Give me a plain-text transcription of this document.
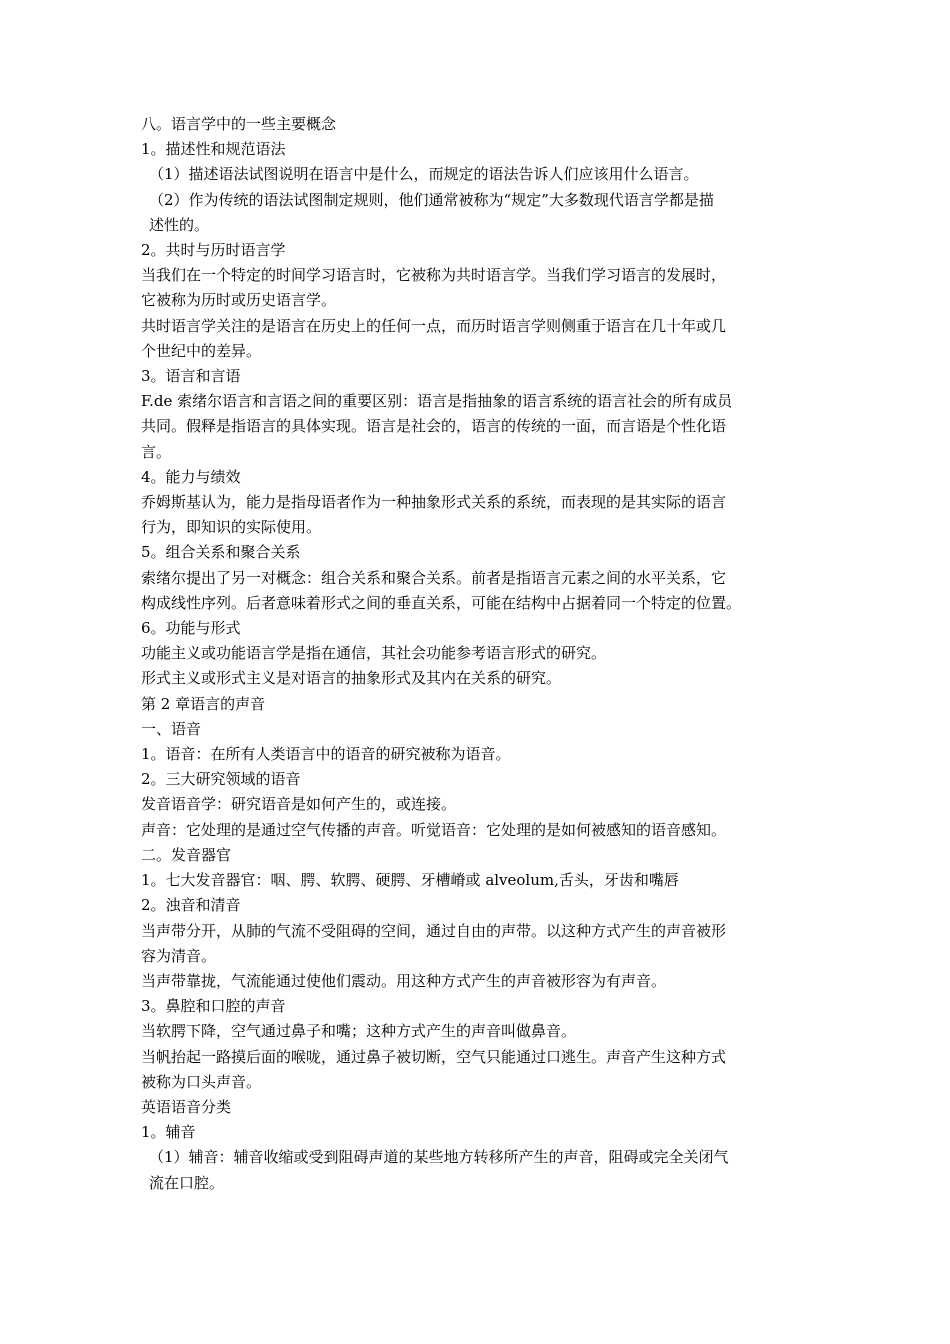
八。语言学中的一些主要概念
1。描述性和规范语法
（1）描述语法试图说明在语言中是什么，而规定的语法告诉人们应该用什么语言。
（2）作为传统的语法试图制定规则，他们通常被称为“规定”大多数现代语言学都是描
述性的。
2。共时与历时语言学
当我们在一个特定的时间学习语言时，它被称为共时语言学。当我们学习语言的发展时，
它被称为历时或历史语言学。
共时语言学关注的是语言在历史上的任何一点，而历时语言学则侧重于语言在几十年或几
个世纪中的差异。
3。语言和言语
F.de 索绪尔语言和言语之间的重要区别：语言是指抽象的语言系统的语言社会的所有成员
共同。假释是指语言的具体实现。语言是社会的，语言的传统的一面，而言语是个性化语
言。
4。能力与绩效
乔姆斯基认为，能力是指母语者作为一种抽象形式关系的系统，而表现的是其实际的语言
行为，即知识的实际使用。
5。组合关系和聚合关系
索绪尔提出了另一对概念：组合关系和聚合关系。前者是指语言元素之间的水平关系，它
构成线性序列。后者意味着形式之间的垂直关系，可能在结构中占据着同一个特定的位置。
6。功能与形式
功能主义或功能语言学是指在通信，其社会功能参考语言形式的研究。
形式主义或形式主义是对语言的抽象形式及其内在关系的研究。
第 2 章语言的声音
一、语音
1。语音：在所有人类语言中的语音的研究被称为语音。
2。三大研究领域的语音
发音语音学：研究语音是如何产生的，或连接。
声音：它处理的是通过空气传播的声音。听觉语音：它处理的是如何被感知的语音感知。
二。发音器官
1。七大发音器官：咽、腭、软腭、硬腭、牙槽嵴或 alveolum,舌头，牙齿和嘴唇
2。浊音和清音
当声带分开，从肺的气流不受阻碍的空间，通过自由的声带。以这种方式产生的声音被形
容为清音。
当声带靠拢，气流能通过使他们震动。用这种方式产生的声音被形容为有声音。
3。鼻腔和口腔的声音
当软腭下降，空气通过鼻子和嘴；这种方式产生的声音叫做鼻音。
当帆抬起一路摸后面的喉咙，通过鼻子被切断，空气只能通过口逃生。声音产生这种方式
被称为口头声音。
英语语音分类
1。辅音
（1）辅音：辅音收缩或受到阻碍声道的某些地方转移所产生的声音，阻碍或完全关闭气
流在口腔。
